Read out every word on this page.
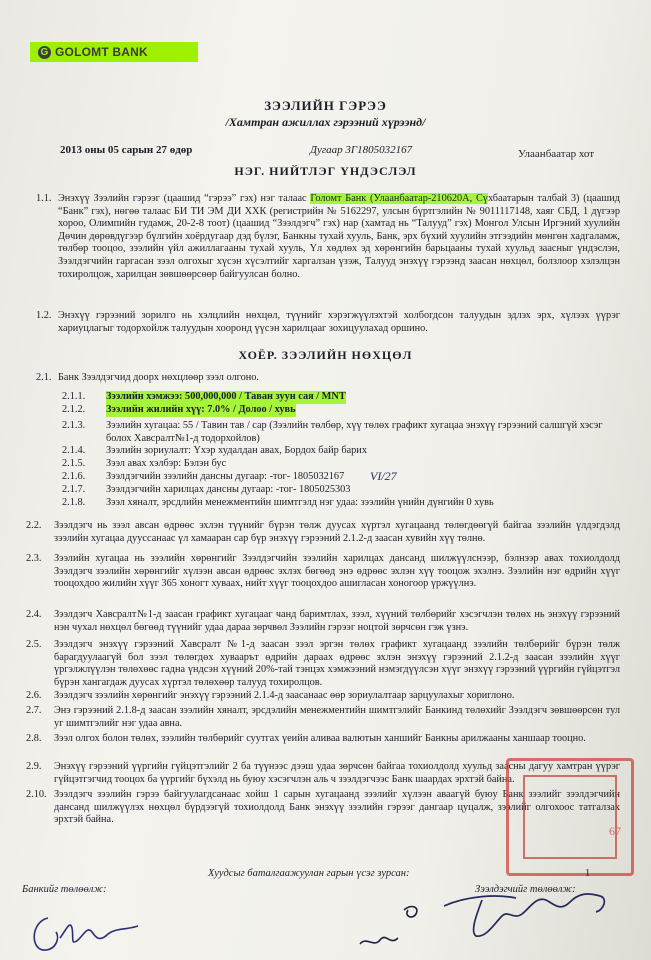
G GOLOMT BANK
ЗЭЭЛИЙН ГЭРЭЭ
/Хамтран ажиллах гэрээний хүрээнд/
2013 оны 05 сарын 27 өдөр	Дугаар 3Г1805032167	Улаанбаатар хот
НЭГ. НИЙТЛЭГ ҮНДЭСЛЭЛ
1.1. Энэхүү Зээлийн гэрээг (цаашид “гэрээ” гэх) нэг талаас Голомт Банк (Улаанбаатар-210620А, Сүхбаатарын талбай 3) (цаашид “Банк” гэх), нөгөө талаас БИ ТИ ЭМ ДИ ХХК (регистрийн № 5162297, улсын бүртгэлийн № 9011117148, хаяг СБД, 1 дүгээр хороо, Олимпийн гудамж, 20-2-8 тоот) (цаашид “Зээлдэгч” гэх) нар (хамтад нь “Талууд” гэх) Монгол Улсын Иргэний хуулийн Дөчин дөрөвдүгээр бүлгийн хоёрдугаар дэд бүлэг, Банкны тухай хууль, Банк, эрх бүхий хуулийн этгээдийн мөнгөн хадгаламж, төлбөр тооцоо, зээлийн үйл ажиллагааны тухай хууль, Үл хөдлөх эд хөрөнгийн барьцааны тухай хуульд заасныг үндэслэн, Зээлдэгчийн гаргасан зээл олгохыг хүсэн хүсэлтийг харгалзан үзэж, Талууд энэхүү гэрээнд заасан нөхцөл, болзлоор хэлэлцэн тохиролцож, харилцан зөвшөөрсөөр байгуулсан болно.
1.2. Энэхүү гэрээний зорилго нь хэлцлийн нөхцөл, түүнийг хэрэгжүүлэхтэй холбогдсон талуудын эдлэх эрх, хүлээх үүрэг хариуцлагыг тодорхойлж талуудын хооронд үүсэн харилцааг зохицуулахад оршино.
ХОЁР. ЗЭЭЛИЙН НӨХЦӨЛ
2.1. Банк Зээлдэгчид доорх нөхцлөөр зээл олгоно.
2.1.1. Зээлийн хэмжээ: 500,000,000 / Таван зуун сая / MNT
2.1.2. Зээлийн жилийн хүү: 7.0% / Долоо / хувь
2.1.3. Зээлийн хугацаа: 55 / Тавин тав / сар (Зээлийн төлбөр, хүү төлөх графикт хугацаа энэхүү гэрээний салшгүй хэсэг болох Хавсралт№1-д тодорхойлов)
2.1.4. Зээлийн зориулалт: Үхэр худалдан авах, Бордох байр барих
2.1.5. Зээл авах хэлбэр: Бэлэн бус
2.1.6. Зээлдэгчийн зээлийн дансны дугаар: -тог- 1805032167
2.1.7. Зээлдэгчийн харилцах дансны дугаар: -тог- 1805025303
2.1.8. Зээл хяналт, эрсдлийн менежментийн шимтгэлд нэг удаа: зээлийн үнийн дүнгийн 0 хувь
2.2. Зээлдэгч нь зээл авсан өдрөөс эхлэн түүнийг бүрэн төлж дуусах хүртэл хугацаанд төлөгдөөгүй байгаа зээлийн үлдэгдэлд зээлийн хугацаа дууссанаас үл хамааран сар бүр энэхүү гэрээний 2.1.2-д заасан хувийн хүү төлнө.
2.3. Зээлийн хугацаа нь зээлийн хөрөнгийг Зээлдэгчийн зээлийн харилцах дансанд шилжүүлснээр, бэлнээр авах тохиолдолд Зээлдэгч зээлийн хөрөнгийг хүлээн авсан өдрөөс эхлэх бөгөөд энэ өдрөөс эхлэн хүү тооцож эхэлнэ. Зээлийн нэг өдрийн хүүг тооцохдоо жилийн хүүг 365 хоногт хуваах, нийт хүүг тооцохдоо ашигласан хоногоор үржүүлнэ.
2.4. Зээлдэгч Хавсралт№1-д заасан графикт хугацааг чанд баримтлах, зээл, хүүний төлбөрийг хэсэгчлэн төлөх нь энэхүү гэрээний нэн чухал нөхцөл бөгөөд түүнийг удаа дараа зөрчвөл Зээлийн гэрээг ноцтой зөрчсөн гэж үзнэ.
2.5. Зээлдэгч энэхүү гэрээний Хавсралт №1-д заасан зээл эргэн төлөх графикт хугацаанд зээлийн төлбөрийг бүрэн төлж барагдуулаагүй бол зээл төлөгдөх хуваарът өдрийн дараах өдрөөс эхлэн энэхүү гэрээний 2.1.2-д заасан зээлийн хүүг үргэлжлүүлэн төлөхөөс гадна үндсэн хүүний 20%-тай тэнцэх хэмжээний нэмэгдүүлсэн хүүг энэхүү гэрээний үүргийн гүйцэтгэл бүрэн хангагдаж дуусах хүртэл төлөхөөр талууд тохиролцов.
2.6. Зээлдэгч зээлийн хөрөнгийг энэхүү гэрээний 2.1.4-д заасанаас өөр зориулалтаар зарцуулахыг хориглоно.
2.7. Энэ гэрээний 2.1.8-д заасан зээлийн хяналт, эрсдэлийн менежментийн шимтгэлийг Банкинд төлөхийг Зээлдэгч зөвшөөрсөн тул уг шимтгэлийг нэг удаа авна.
2.8. Зээл олгох болон төлөх, зээлийн төлбөрийг суутгах үеийн аливаа валютын ханшийг Банкны арилжааны ханшаар тооцно.
2.9. Энэхүү гэрээний үүргийн гүйцэтгэлийг 2 ба түүнээс дээш удаа зөрчсөн байгаа тохиолдолд хуульд заасны дагуу хамтран үүрэг гүйцэтгэгчид тооцох ба үүргийг бүхэлд нь буюу хэсэгчлэн аль ч зээлдэгчээс Банк шаардах эрхтэй байна.
2.10. Зээлдэгч зээлийн гэрээ байгуулагдсанаас хойш 1 сарын хугацаанд зээлийг хүлээн аваагүй буюу Банк зээлийг зээлдэгчийн дансанд шилжүүлэх нөхцөл бүрдээгүй тохиолдолд Банк энэхүү зээлийн гэрээг дангаар цуцалж, зээлийг олгохоос татгалзах эрхтэй байна.
VI/27
67
1
Хуудсыг баталгаажуулан гарын үсэг зурсан:
Банкийг төлөөлж:	Зээлдэгчийг төлөөлж:
